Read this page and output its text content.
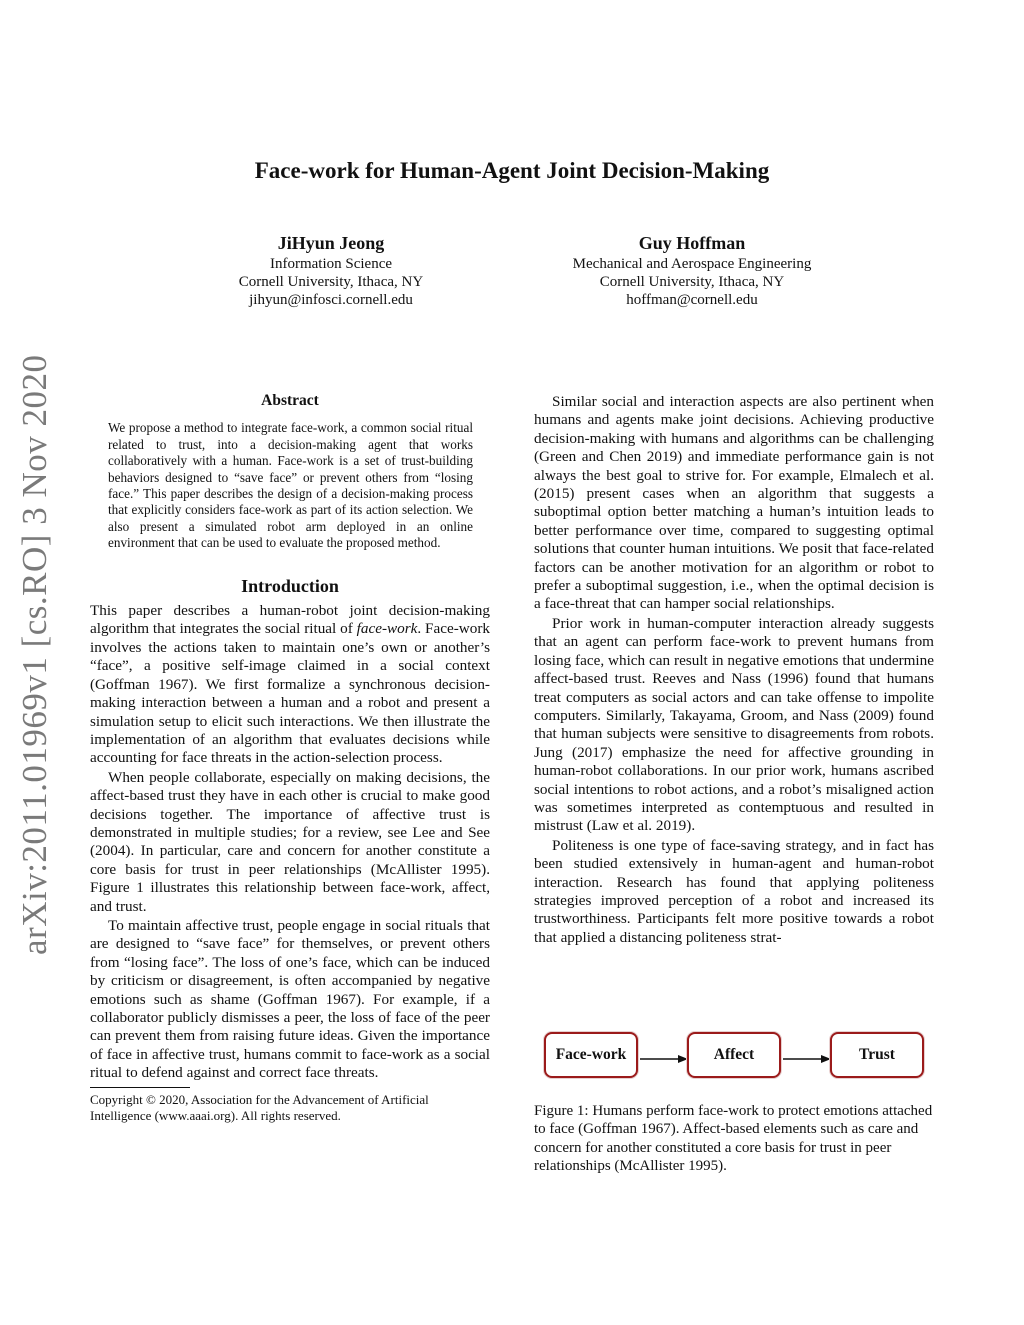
arXiv:2011.01969v1 [cs.RO] 3 Nov 2020
Face-work for Human-Agent Joint Decision-Making
JiHyun Jeong
Information Science
Cornell University, Ithaca, NY
jihyun@infosci.cornell.edu
Guy Hoffman
Mechanical and Aerospace Engineering
Cornell University, Ithaca, NY
hoffman@cornell.edu
Abstract
We propose a method to integrate face-work, a common social ritual related to trust, into a decision-making agent that works collaboratively with a human. Face-work is a set of trust-building behaviors designed to “save face” or prevent others from “losing face.” This paper describes the design of a decision-making process that explicitly considers face-work as part of its action selection. We also present a simulated robot arm deployed in an online environment that can be used to evaluate the proposed method.
Introduction

This paper describes a human-robot joint decision-making algorithm that integrates the social ritual of face-work. Face-work involves the actions taken to maintain one’s own or another’s “face”, a positive self-image claimed in a social context (Goffman 1967). We first formalize a synchronous decision-making interaction between a human and a robot and present a simulation setup to elicit such interactions. We then illustrate the implementation of an algorithm that evaluates decisions while accounting for face threats in the action-selection process.

When people collaborate, especially on making decisions, the affect-based trust they have in each other is crucial to make good decisions together. The importance of affective trust is demonstrated in multiple studies; for a review, see Lee and See (2004). In particular, care and concern for another constitute a core basis for trust in peer relationships (McAllister 1995). Figure 1 illustrates this relationship between face-work, affect, and trust.

To maintain affective trust, people engage in social rituals that are designed to “save face” for themselves, or prevent others from “losing face”. The loss of one’s face, which can be induced by criticism or disagreement, is often accompanied by negative emotions such as shame (Goffman 1967). For example, if a collaborator publicly dismisses a peer, the loss of face of the peer can prevent them from raising future ideas. Given the importance of face in affective trust, humans commit to face-work as a social ritual to defend against and correct face threats.

Copyright © 2020, Association for the Advancement of Artificial Intelligence (www.aaai.org). All rights reserved.

Similar social and interaction aspects are also pertinent when humans and agents make joint decisions. Achieving productive decision-making with humans and algorithms can be challenging (Green and Chen 2019) and immediate performance gain is not always the best goal to strive for. For example, Elmalech et al. (2015) present cases when an algorithm that suggests a suboptimal option better matching a human’s intuition leads to better performance over time, compared to suggesting optimal solutions that counter human intuitions. We posit that face-related factors can be another motivation for an algorithm or robot to prefer a suboptimal suggestion, i.e., when the optimal decision is a face-threat that can hamper social relationships.

Prior work in human-computer interaction already suggests that an agent can perform face-work to prevent humans from losing face, which can result in negative emotions that undermine affect-based trust. Reeves and Nass (1996) found that humans treat computers as social actors and can take offense to impolite computers. Similarly, Takayama, Groom, and Nass (2009) found that human subjects were sensitive to disagreements from robots. Jung (2017) emphasize the need for affective grounding in human-robot collaborations. In our prior work, humans ascribed social intentions to robot actions, and a robot’s misaligned action was sometimes interpreted as contemptuous and resulted in mistrust (Law et al. 2019).

Politeness is one type of face-saving strategy, and in fact has been studied extensively in human-agent and human-robot interaction. Research has found that applying politeness strategies improved perception of a robot and increased its trustworthiness. Participants felt more positive towards a robot that applied a distancing politeness strat-

Face-work	Affect	Trust
Figure 1: Humans perform face-work to protect emotions attached to face (Goffman 1967). Affect-based elements such as care and concern for another constituted a core basis for trust in peer relationships (McAllister 1995).
